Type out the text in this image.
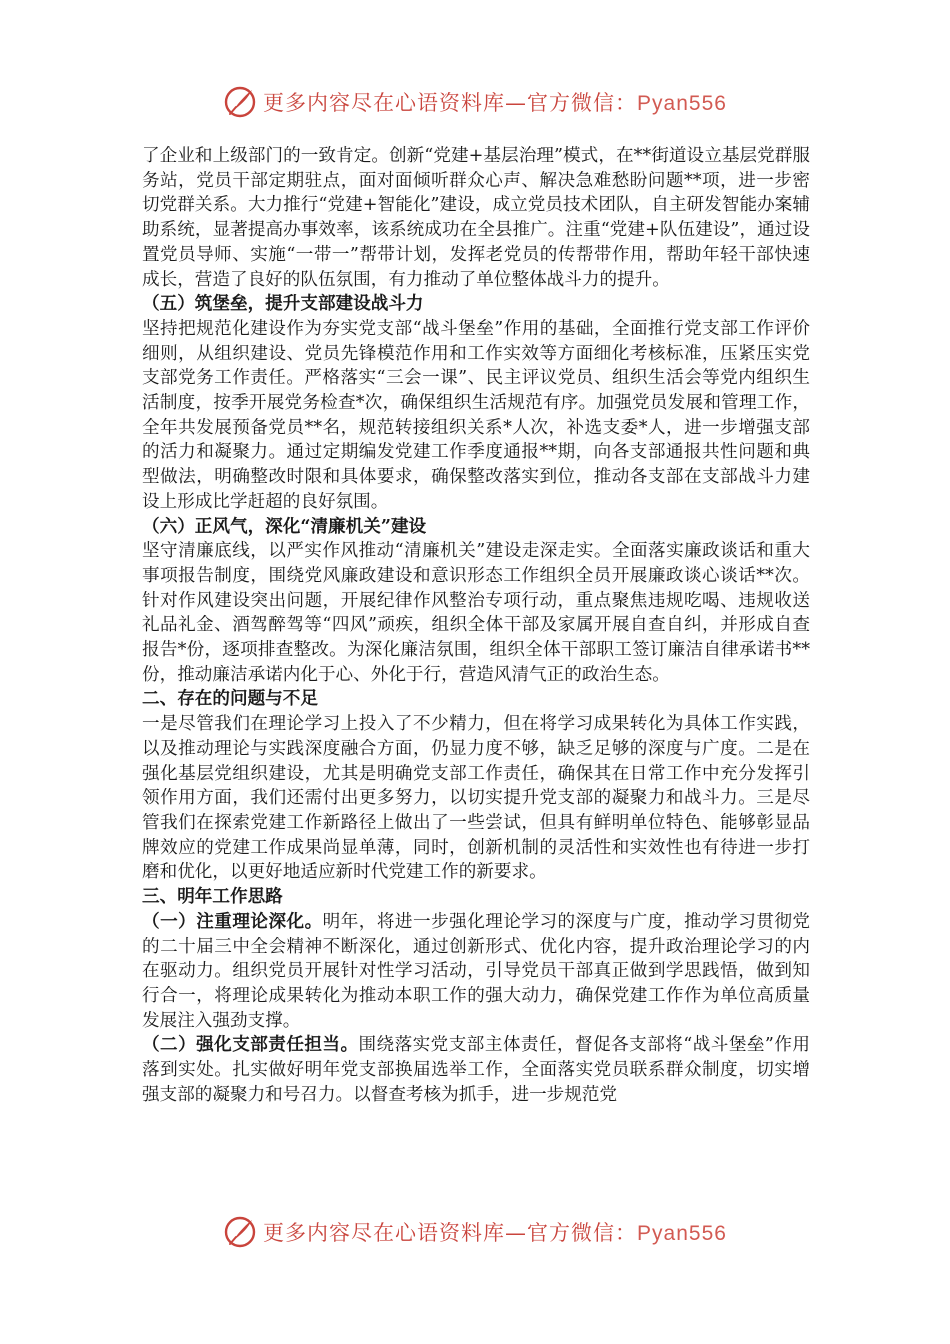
更多内容尽在心语资料库—官方微信：Pyan556

了企业和上级部门的一致肯定。创新“党建+基层治理”模式，在**街道设立基层党群服务站，党员干部定期驻点，面对面倾听群众心声、解决急难愁盼问题**项，进一步密切党群关系。大力推行“党建+智能化”建设，成立党员技术团队，自主研发智能办案辅助系统，显著提高办事效率，该系统成功在全县推广。注重“党建+队伍建设”，通过设置党员导师、实施“一带一”帮带计划，发挥老党员的传帮带作用，帮助年轻干部快速成长，营造了良好的队伍氛围，有力推动了单位整体战斗力的提升。

（五）筑堡垒，提升支部建设战斗力

坚持把规范化建设作为夯实党支部“战斗堡垒”作用的基础，全面推行党支部工作评价细则，从组织建设、党员先锋模范作用和工作实效等方面细化考核标准，压紧压实党支部党务工作责任。严格落实“三会一课”、民主评议党员、组织生活会等党内组织生活制度，按季开展党务检查*次，确保组织生活规范有序。加强党员发展和管理工作，全年共发展预备党员**名，规范转接组织关系*人次，补选支委*人，进一步增强支部的活力和凝聚力。通过定期编发党建工作季度通报**期，向各支部通报共性问题和典型做法，明确整改时限和具体要求，确保整改落实到位，推动各支部在支部战斗力建设上形成比学赶超的良好氛围。

（六）正风气，深化“清廉机关”建设

坚守清廉底线，以严实作风推动“清廉机关”建设走深走实。全面落实廉政谈话和重大事项报告制度，围绕党风廉政建设和意识形态工作组织全员开展廉政谈心谈话**次。针对作风建设突出问题，开展纪律作风整治专项行动，重点聚焦违规吃喝、违规收送礼品礼金、酒驾醉驾等“四风”顽疾，组织全体干部及家属开展自查自纠，并形成自查报告*份，逐项排查整改。为深化廉洁氛围，组织全体干部职工签订廉洁自律承诺书**份，推动廉洁承诺内化于心、外化于行，营造风清气正的政治生态。

二、存在的问题与不足

一是尽管我们在理论学习上投入了不少精力，但在将学习成果转化为具体工作实践，以及推动理论与实践深度融合方面，仍显力度不够，缺乏足够的深度与广度。二是在强化基层党组织建设，尤其是明确党支部工作责任，确保其在日常工作中充分发挥引领作用方面，我们还需付出更多努力，以切实提升党支部的凝聚力和战斗力。三是尽管我们在探索党建工作新路径上做出了一些尝试，但具有鲜明单位特色、能够彰显品牌效应的党建工作成果尚显单薄，同时，创新机制的灵活性和实效性也有待进一步打磨和优化，以更好地适应新时代党建工作的新要求。

三、明年工作思路

（一）注重理论深化。明年，将进一步强化理论学习的深度与广度，推动学习贯彻党的二十届三中全会精神不断深化，通过创新形式、优化内容，提升政治理论学习的内在驱动力。组织党员开展针对性学习活动，引导党员干部真正做到学思践悟，做到知行合一，将理论成果转化为推动本职工作的强大动力，确保党建工作作为单位高质量发展注入强劲支撑。

（二）强化支部责任担当。围绕落实党支部主体责任，督促各支部将“战斗堡垒”作用落到实处。扎实做好明年党支部换届选举工作，全面落实党员联系群众制度，切实增强支部的凝聚力和号召力。以督查考核为抓手，进一步规范党

更多内容尽在心语资料库—官方微信：Pyan556
